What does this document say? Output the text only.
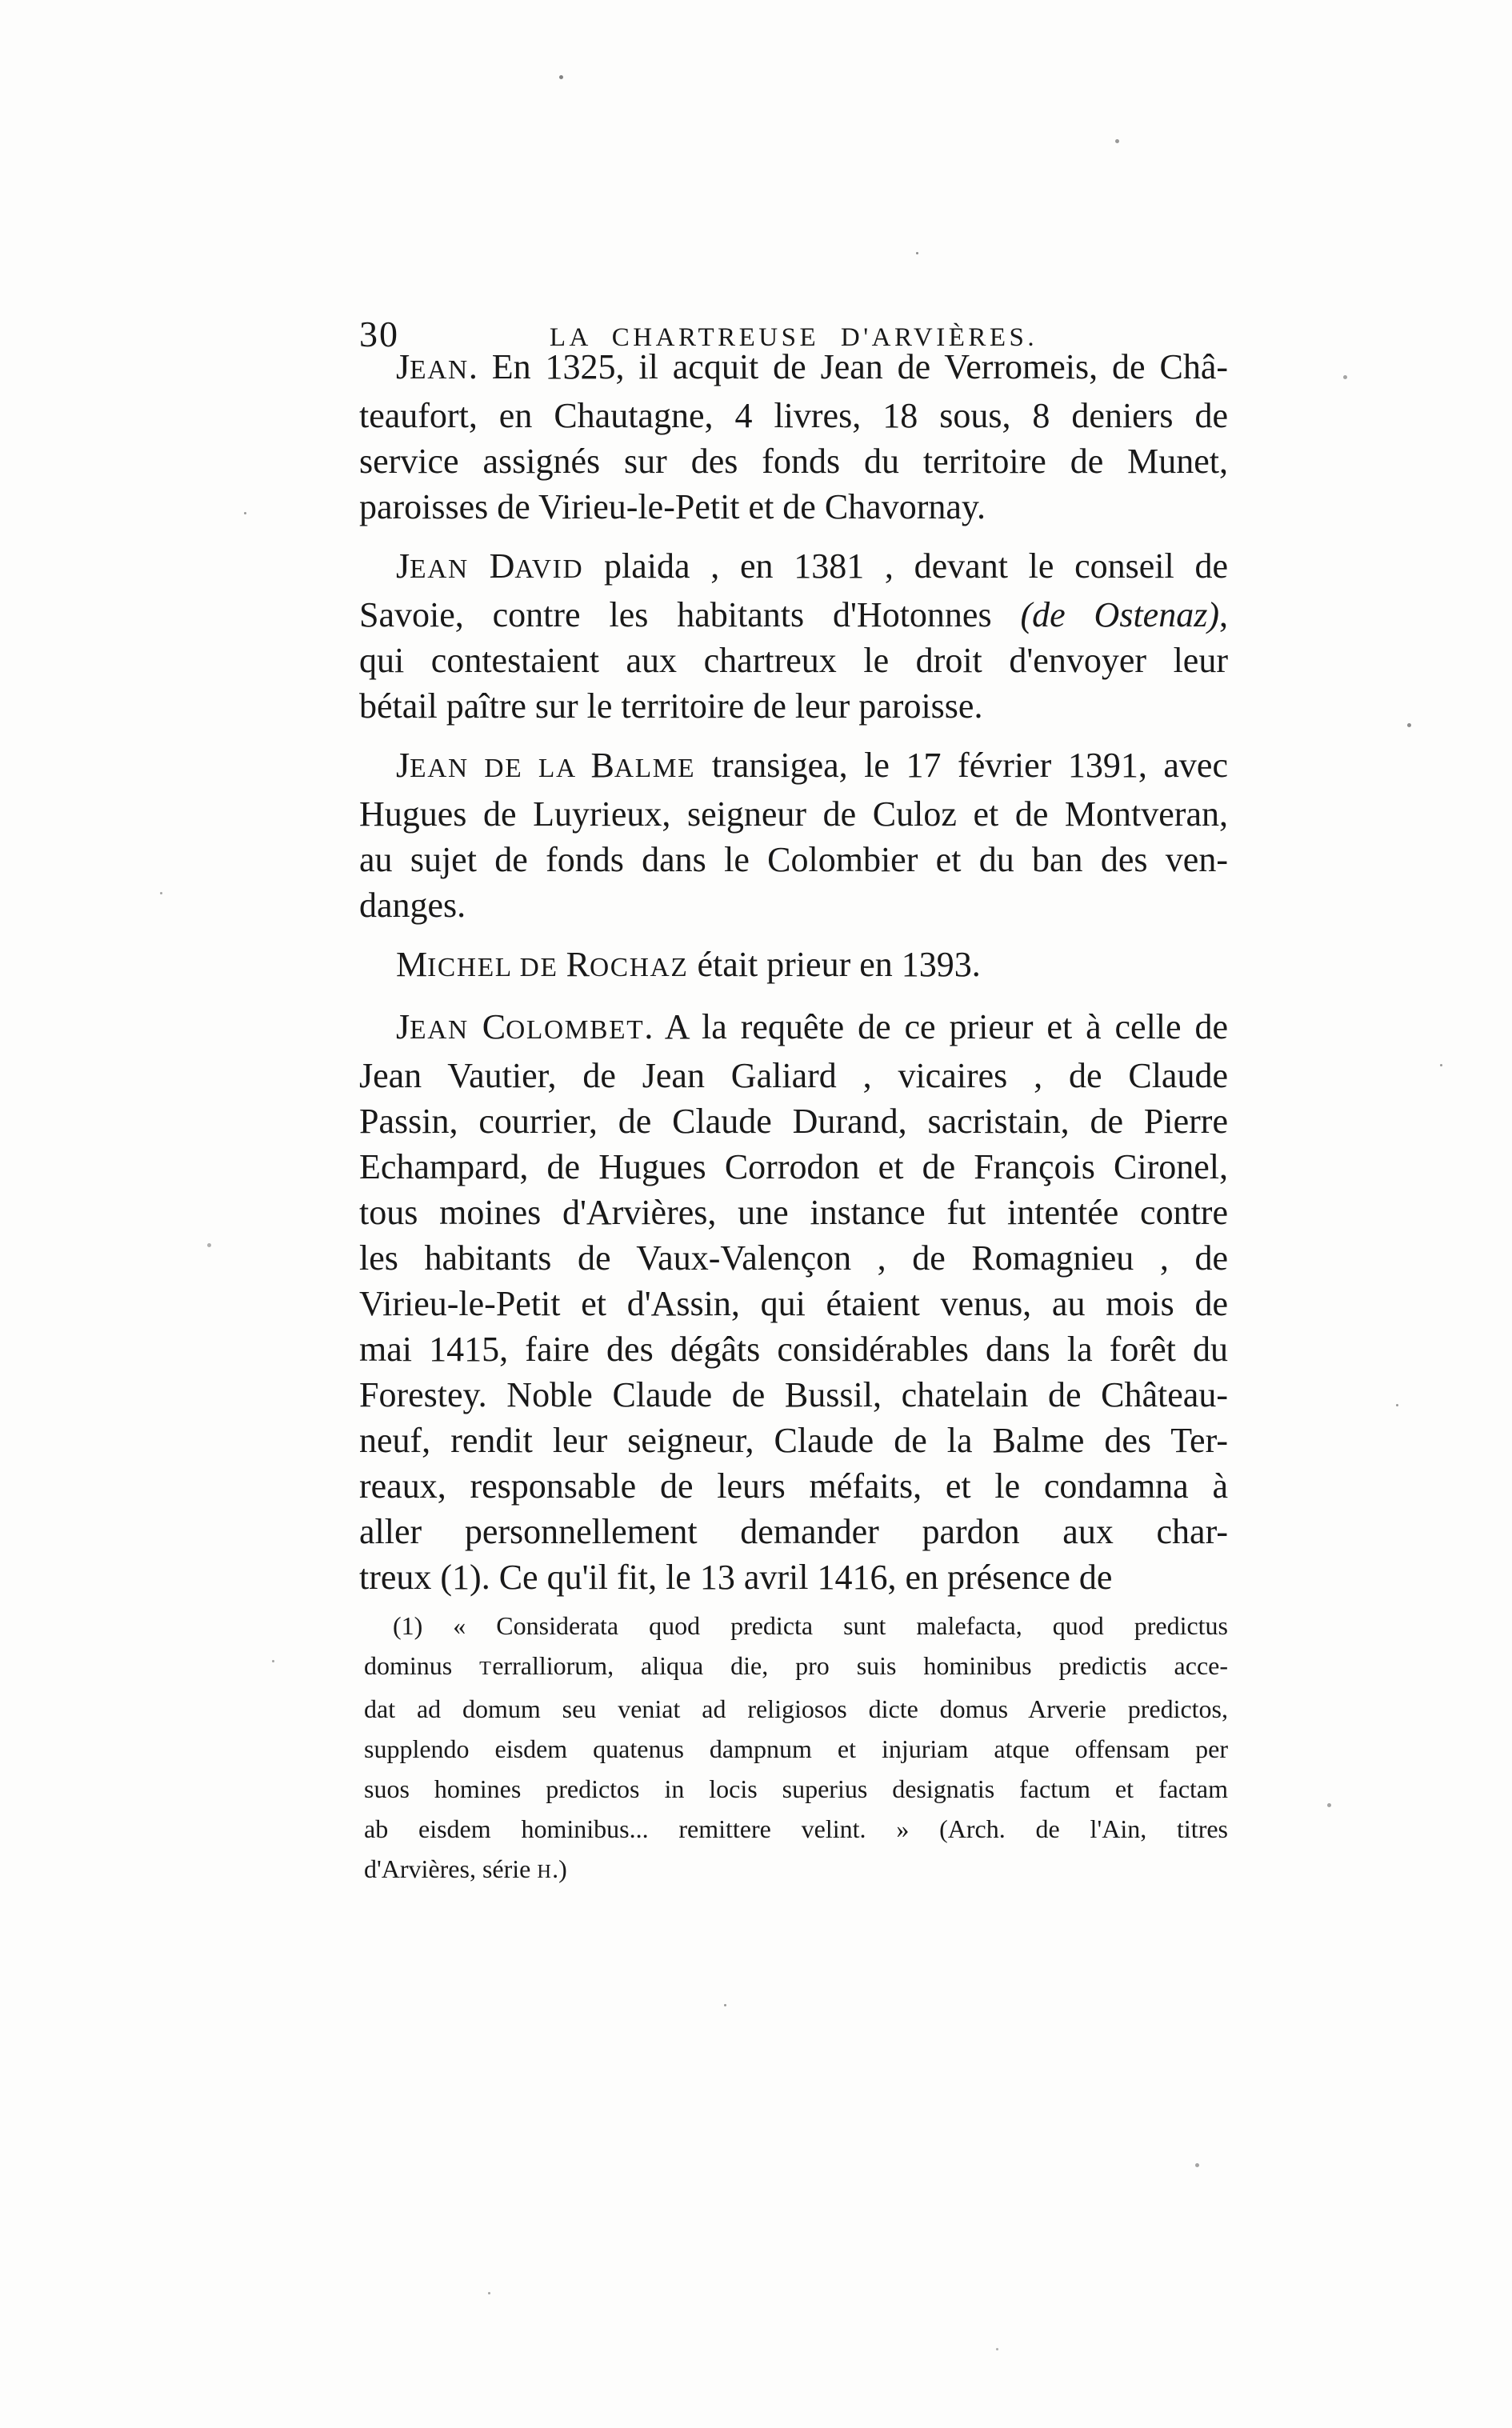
30	LA CHARTREUSE D'ARVIÈRES.
JEAN. En 1325, il acquit de Jean de Verromeis, de Châ-
teaufort, en Chautagne, 4 livres, 18 sous, 8 deniers de
service assignés sur des fonds du territoire de Munet,
paroisses de Virieu-le-Petit et de Chavornay.
JEAN DAVID plaida , en 1381 , devant le conseil de
Savoie, contre les habitants d'Hotonnes (de Ostenaz),
qui contestaient aux chartreux le droit d'envoyer leur
bétail paître sur le territoire de leur paroisse.
JEAN DE LA BALME transigea, le 17 février 1391, avec
Hugues de Luyrieux, seigneur de Culoz et de Montveran,
au sujet de fonds dans le Colombier et du ban des ven-
danges.
MICHEL DE ROCHAZ était prieur en 1393.
JEAN COLOMBET. A la requête de ce prieur et à celle de
Jean Vautier, de Jean Galiard , vicaires , de Claude
Passin, courrier, de Claude Durand, sacristain, de Pierre
Echampard, de Hugues Corrodon et de François Cironel,
tous moines d'Arvières, une instance fut intentée contre
les habitants de Vaux-Valençon , de Romagnieu , de
Virieu-le-Petit et d'Assin, qui étaient venus, au mois de
mai 1415, faire des dégâts considérables dans la forêt du
Forestey. Noble Claude de Bussil, chatelain de Château-
neuf, rendit leur seigneur, Claude de la Balme des Ter-
reaux, responsable de leurs méfaits, et le condamna à
aller personnellement demander pardon aux char-
treux (1). Ce qu'il fit, le 13 avril 1416, en présence de
(1) « Considerata quod predicta sunt malefacta, quod predictus
dominus Terralliorum, aliqua die, pro suis hominibus predictis acce-
dat ad domum seu veniat ad religiosos dicte domus Arverie predictos,
supplendo eisdem quatenus dampnum et injuriam atque offensam per
suos homines predictos in locis superius designatis factum et factam
ab eisdem hominibus... remittere velint. » (Arch. de l'Ain, titres
d'Arvières, série H.)
